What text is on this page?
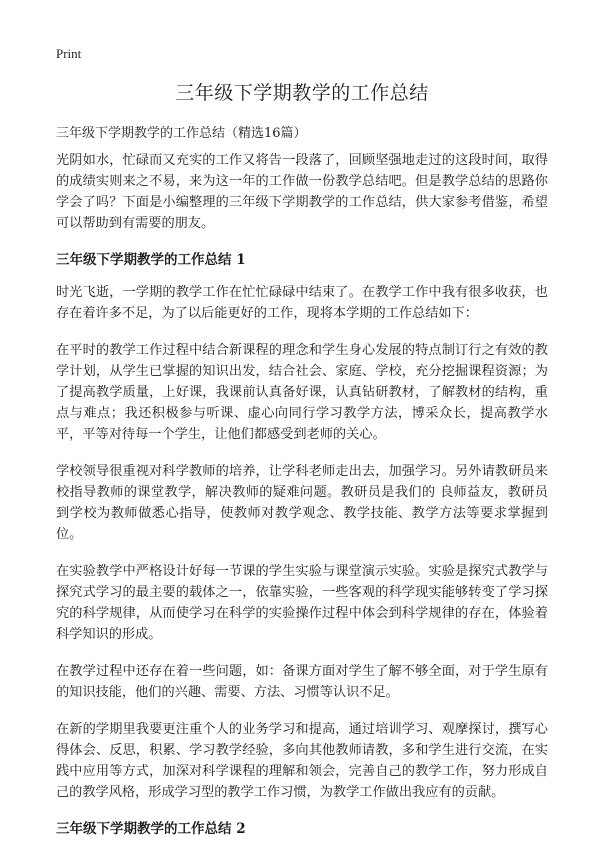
Print
三年级下学期教学的工作总结

三年级下学期教学的工作总结（精选16篇）

光阴如水，忙碌而又充实的工作又将告一段落了，回顾坚强地走过的这段时间，取得的成绩实则来之不易，来为这一年的工作做一份教学总结吧。但是教学总结的思路你学会了吗？下面是小编整理的三年级下学期教学的工作总结，供大家参考借鉴，希望可以帮助到有需要的朋友。

三年级下学期教学的工作总结 1

时光飞逝，一学期的教学工作在忙忙碌碌中结束了。在教学工作中我有很多收获，也存在着许多不足，为了以后能更好的工作，现将本学期的工作总结如下：

在平时的教学工作过程中结合新课程的理念和学生身心发展的特点制订行之有效的教学计划，从学生已掌握的知识出发，结合社会、家庭、学校，充分挖掘课程资源；为了提高教学质量，上好课，我课前认真备好课，认真钻研教材，了解教材的结构，重点与难点；我还积极参与听课、虚心向同行学习教学方法，博采众长，提高教学水平，平等对待每一个学生，让他们都感受到老师的关心。

学校领导很重视对科学教师的培养，让学科老师走出去，加强学习。另外请教研员来校指导教师的课堂教学，解决教师的疑难问题。教研员是我们的 良师益友，教研员到学校为教师做悉心指导，使教师对教学观念、教学技能、教学方法等要求掌握到位。

在实验教学中严格设计好每一节课的学生实验与课堂演示实验。实验是探究式教学与探究式学习的最主要的载体之一，依靠实验，一些客观的科学现实能够转变了学习探究的科学规律，从而使学习在科学的实验操作过程中体会到科学规律的存在，体验着科学知识的形成。

在教学过程中还存在着一些问题，如：备课方面对学生了解不够全面，对于学生原有的知识技能，他们的兴趣、需要、方法、习惯等认识不足。

在新的学期里我要更注重个人的业务学习和提高，通过培训学习、观摩探讨，撰写心得体会、反思，积累、学习教学经验，多向其他教师请教，多和学生进行交流，在实践中应用等方式，加深对科学课程的理解和领会，完善自己的教学工作，努力形成自己的教学风格，形成学习型的教学工作习惯，为教学工作做出我应有的贡献。

三年级下学期教学的工作总结 2
